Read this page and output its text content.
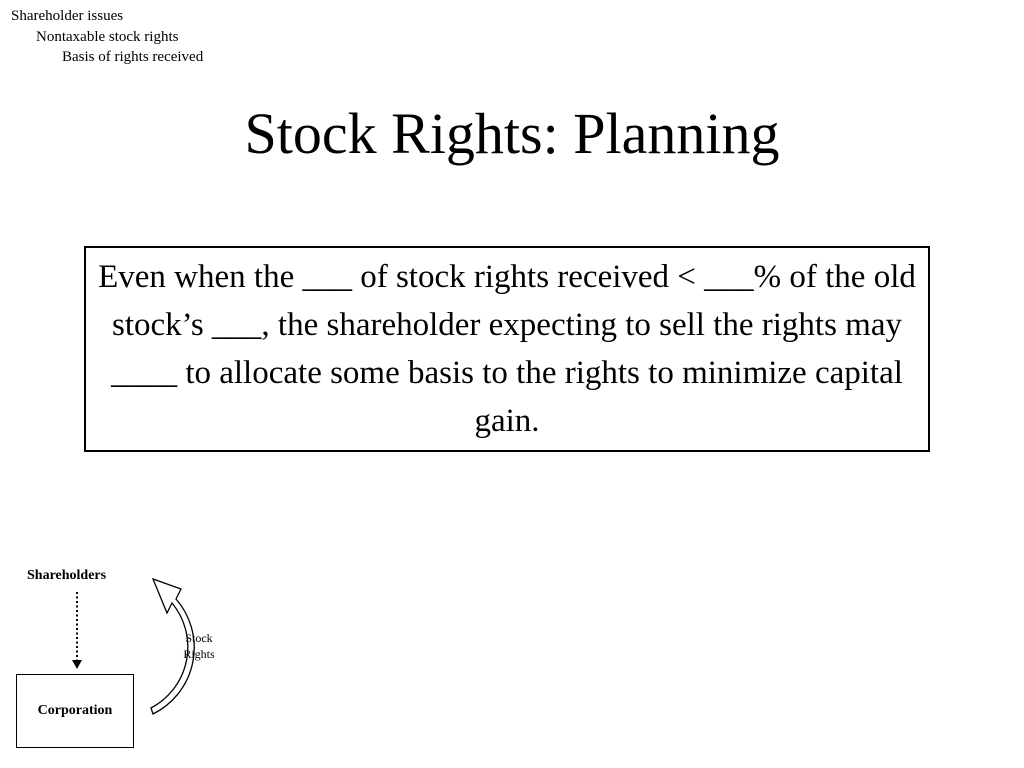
Shareholder issues
Nontaxable stock rights
Basis of rights received
Stock Rights: Planning
Even when the ___ of stock rights received < ___% of the old stock’s ___, the shareholder expecting to sell the rights may ____ to allocate some basis to the rights to minimize capital gain.
Shareholders
Corporation
Stock
Rights
